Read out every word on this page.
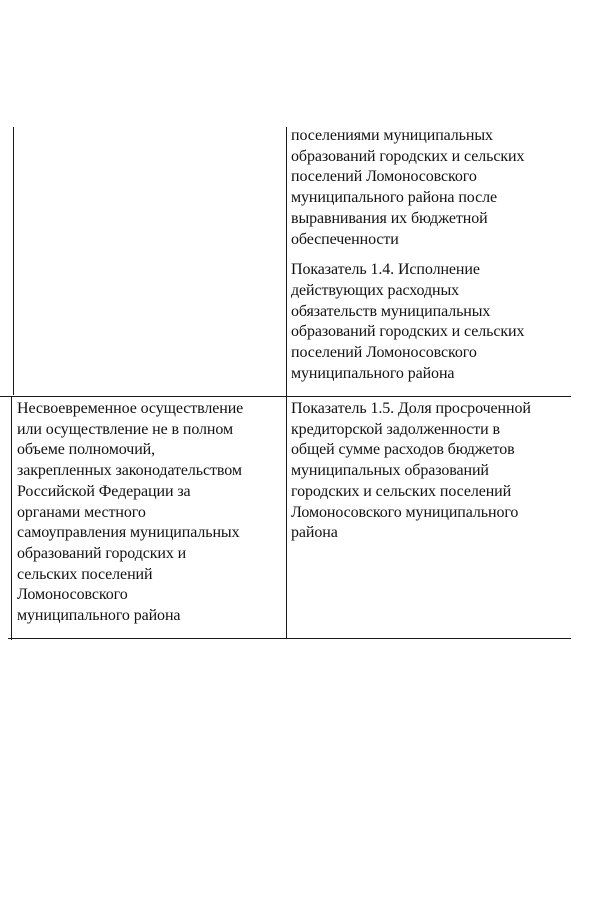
поселениями муниципальных
образований городских и сельских
поселений Ломоносовского
муниципального района после
выравнивания их бюджетной
обеспеченности

Показатель 1.4. Исполнение
действующих расходных
обязательств муниципальных
образований городских и сельских
поселений Ломоносовского
муниципального района

Несвоевременное осуществление
или осуществление не в полном
объеме полномочий,
закрепленных законодательством
Российской Федерации за
органами местного
самоуправления муниципальных
образований городских и
сельских поселений
Ломоносовского
муниципального района

Показатель 1.5. Доля просроченной
кредиторской задолженности в
общей сумме расходов бюджетов
муниципальных образований
городских и сельских поселений
Ломоносовского муниципального
района
